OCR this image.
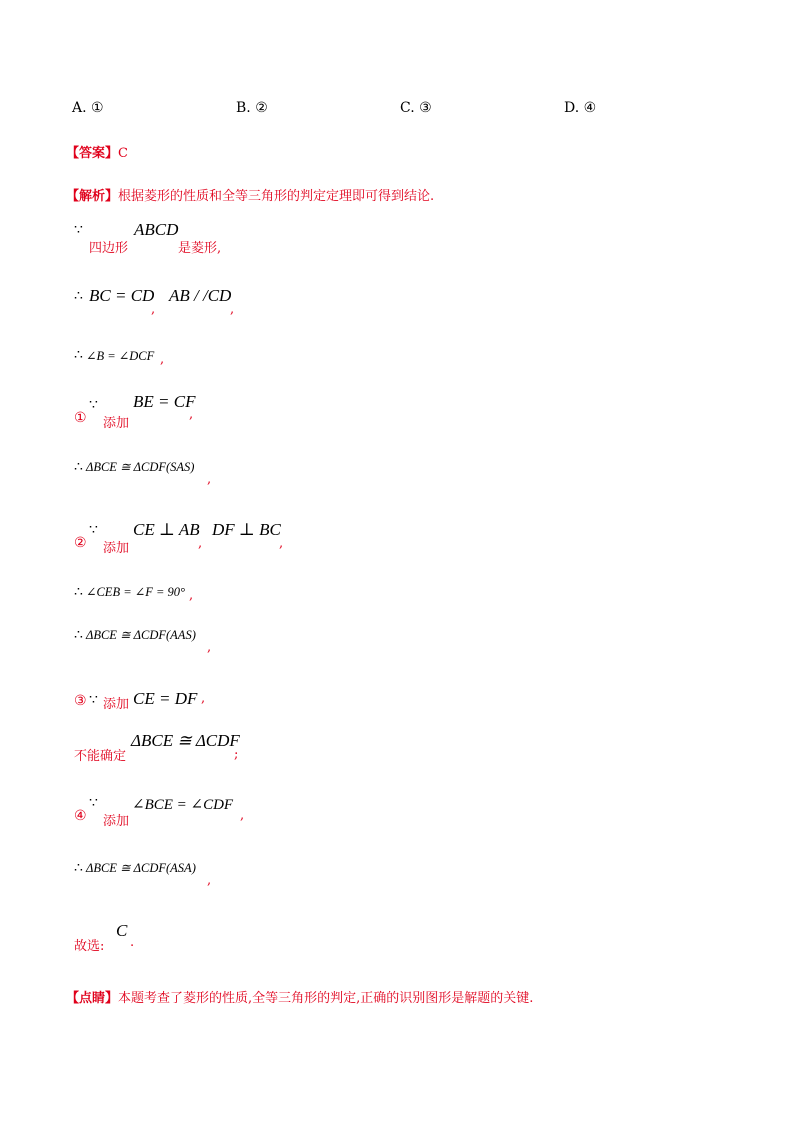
A. ①	B. ②	C. ③	D. ④
【答案】C
【解析】根据菱形的性质和全等三角形的判定定理即可得到结论.
∵
四边形
ABCD
是菱形,
∴ BC = CD
,
AB / /CD
,
∴ ∠B = ∠DCF ,
①
∵
添加
BE = CF
,
∴ ΔBCE ≅ ΔCDF(SAS)
,
②
∵
添加
CE ⊥ AB
,
DF ⊥ BC
,
∴ ∠CEB = ∠F = 90° ,
∴ ΔBCE ≅ ΔCDF(AAS)
,
③ ∵ 添加 CE = DF ,
不能确定
ΔBCE ≅ ΔCDF
;
④
∵
添加
∠BCE = ∠CDF
,
∴ ΔBCE ≅ ΔCDF(ASA)
,
故选:
C
.
【点睛】本题考查了菱形的性质,全等三角形的判定,正确的识别图形是解题的关键.
